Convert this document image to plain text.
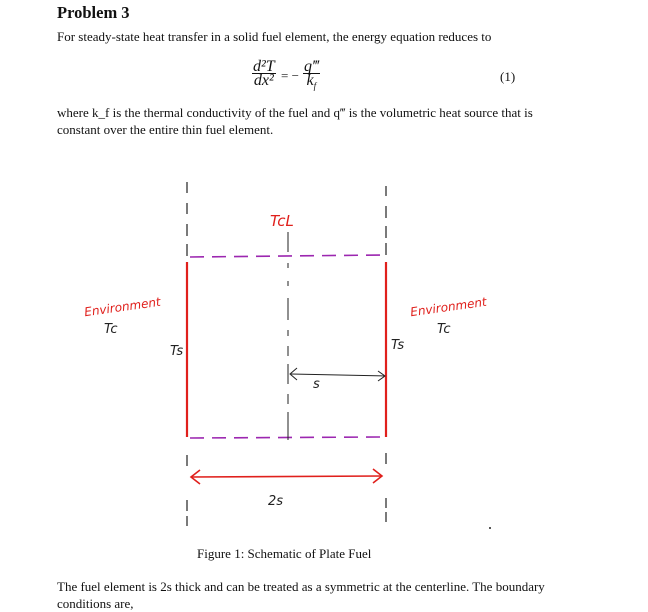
Problem 3
For steady-state heat transfer in a solid fuel element, the energy equation reduces to
$\frac{\text{d²T}}{\text{dx²}}$ = − $\frac{q‴}{k_f}$	(1)
where k_f is the thermal conductivity of the fuel and q‴ is the volumetric heat source that is constant over the entire thin fuel element.
TcL
Environment
Tc
Environment
Tc
Ts	Ts
s
2s
Figure 1: Schematic of Plate Fuel
The fuel element is 2s thick and can be treated as a symmetric at the centerline. The boundary conditions are,
